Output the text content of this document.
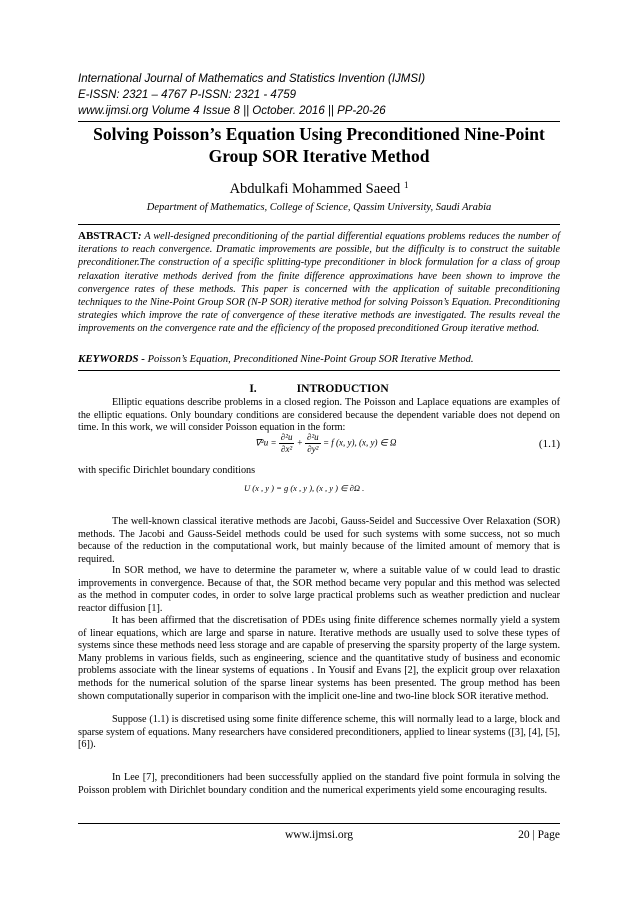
International Journal of Mathematics and Statistics Invention (IJMSI)
E-ISSN: 2321 – 4767 P-ISSN: 2321 - 4759
www.ijmsi.org Volume 4 Issue 8 || October. 2016 || PP-20-26
Solving Poisson’s Equation Using Preconditioned Nine-Point
Group SOR Iterative Method
Abdulkafi Mohammed Saeed $^1$
Department of Mathematics, College of Science, Qassim University, Saudi Arabia
ABSTRACT: A well-designed preconditioning of the partial differential equations problems reduces the number of iterations to reach convergence. Dramatic improvements are possible, but the difficulty is to construct the suitable preconditioner.The construction of a specific splitting-type preconditioner in block formulation for a class of group relaxation iterative methods derived from the finite difference approximations have been shown to improve the convergence rates of these methods. This paper is concerned with the application of suitable preconditioning techniques to the Nine-Point Group SOR (N-P SOR) iterative method for solving Poisson’s Equation. Preconditioning strategies which improve the rate of convergence of these iterative methods are investigated. The results reveal the improvements on the convergence rate and the efficiency of the proposed preconditioned Group iterative method.
KEYWORDS - Poisson’s Equation, Preconditioned Nine-Point Group SOR Iterative Method.
I.	INTRODUCTION
Elliptic equations describe problems in a closed region. The Poisson and Laplace equations are examples of the elliptic equations. Only boundary conditions are considered because the dependent variable does not depend on time. In this work, we will consider Poisson equation in the form:
$\nabla^2u = \frac{\text{∂²u}}{\text{∂x²}} + \frac{\text{∂²u}}{\text{∂y²}} = f$ (x, y), (x, y) ∈ Ω	(1.1)
with specific Dirichlet boundary conditions
U (x , y ) = g (x , y ), (x , y ) ∈ ∂Ω .
The well-known classical iterative methods are Jacobi, Gauss-Seidel and Successive Over Relaxation (SOR) methods. The Jacobi and Gauss-Seidel methods could be used for such systems with some success, not so much because of the reduction in the computational work, but mainly because of the limited amount of memory that is required.
In SOR method, we have to determine the parameter w, where a suitable value of w could lead to drastic improvements in convergence. Because of that, the SOR method became very popular and this method was selected as the method in computer codes, in order to solve large practical problems such as weather prediction and nuclear reactor diffusion [1].
It has been affirmed that the discretisation of PDEs using finite difference schemes normally yield a system of linear equations, which are large and sparse in nature. Iterative methods are usually used to solve these types of systems since these methods need less storage and are capable of preserving the sparsity property of the large system. Many problems in various fields, such as engineering, science and the quantitative study of business and economic problems associate with the linear systems of equations . In Yousif and Evans [2], the explicit group over relaxation methods for the numerical solution of the sparse linear systems has been presented. The group method has been shown computationally superior in comparison with the implicit one-line and two-line block SOR iterative method.
Suppose (1.1) is discretised using some finite difference scheme, this will normally lead to a large, block and sparse system of equations. Many researchers have considered preconditioners, applied to linear systems ([3], [4], [5], [6]).
In Lee [7], preconditioners had been successfully applied on the standard five point formula in solving the Poisson problem with Dirichlet boundary condition and the numerical experiments yield some encouraging results.
www.ijmsi.org	20 | Page
